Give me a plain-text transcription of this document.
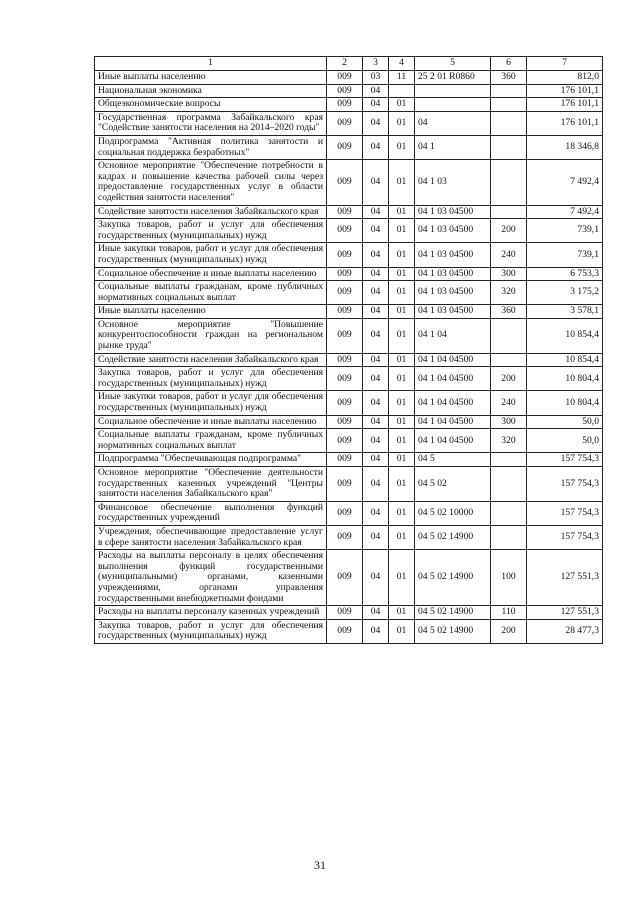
1	2	3	4	5	6	7
Иные выплаты населению	009	03	11	25 2 01 R0860	360	812,0
Национальная экономика	009	04				176 101,1
Общеэкономические вопросы	009	04	01			176 101,1
Государственная программа Забайкальского края "Содействие занятости населения на 2014–2020 годы"	009	04	01	04		176 101,1
Подпрограмма "Активная политика занятости и социальная поддержка безработных"	009	04	01	04 1		18 346,8
Основное мероприятие "Обеспечение потребности в кадрах и повышение качества рабочей силы через предоставление государственных услуг в области содействия занятости населения"	009	04	01	04 1 03		7 492,4
Содействие занятости населения Забайкальского края	009	04	01	04 1 03 04500		7 492,4
Закупка товаров, работ и услуг для обеспечения государственных (муниципальных) нужд	009	04	01	04 1 03 04500	200	739,1
Иные закупки товаров, работ и услуг для обеспечения государственных (муниципальных) нужд	009	04	01	04 1 03 04500	240	739,1
Социальное обеспечение и иные выплаты населению	009	04	01	04 1 03 04500	300	6 753,3
Социальные выплаты гражданам, кроме публичных нормативных социальных выплат	009	04	01	04 1 03 04500	320	3 175,2
Иные выплаты населению	009	04	01	04 1 03 04500	360	3 578,1
Основное мероприятие "Повышение конкурентоспособности граждан на региональном рынке труда"	009	04	01	04 1 04		10 854,4
Содействие занятости населения Забайкальского края	009	04	01	04 1 04 04500		10 854,4
Закупка товаров, работ и услуг для обеспечения государственных (муниципальных) нужд	009	04	01	04 1 04 04500	200	10 804,4
Иные закупки товаров, работ и услуг для обеспечения государственных (муниципальных) нужд	009	04	01	04 1 04 04500	240	10 804,4
Социальное обеспечение и иные выплаты населению	009	04	01	04 1 04 04500	300	50,0
Социальные выплаты гражданам, кроме публичных нормативных социальных выплат	009	04	01	04 1 04 04500	320	50,0
Подпрограмма "Обеспечивающая подпрограмма"	009	04	01	04 5		157 754,3
Основное мероприятие "Обеспечение деятельности государственных казенных учреждений "Центры занятости населения Забайкальского края"	009	04	01	04 5 02		157 754,3
Финансовое обеспечение выполнения функций государственных учреждений	009	04	01	04 5 02 10000		157 754,3
Учреждения, обеспечивающие предоставление услуг в сфере занятости населения Забайкальского края	009	04	01	04 5 02 14900		157 754,3
Расходы на выплаты персоналу в целях обеспечения выполнения функций государственными (муниципальными) органами, казенными учреждениями, органами управления государственными внебюджетными фондами	009	04	01	04 5 02 14900	100	127 551,3
Расходы на выплаты персоналу казенных учреждений	009	04	01	04 5 02 14900	110	127 551,3
Закупка товаров, работ и услуг для обеспечения государственных (муниципальных) нужд	009	04	01	04 5 02 14900	200	28 477,3
31
